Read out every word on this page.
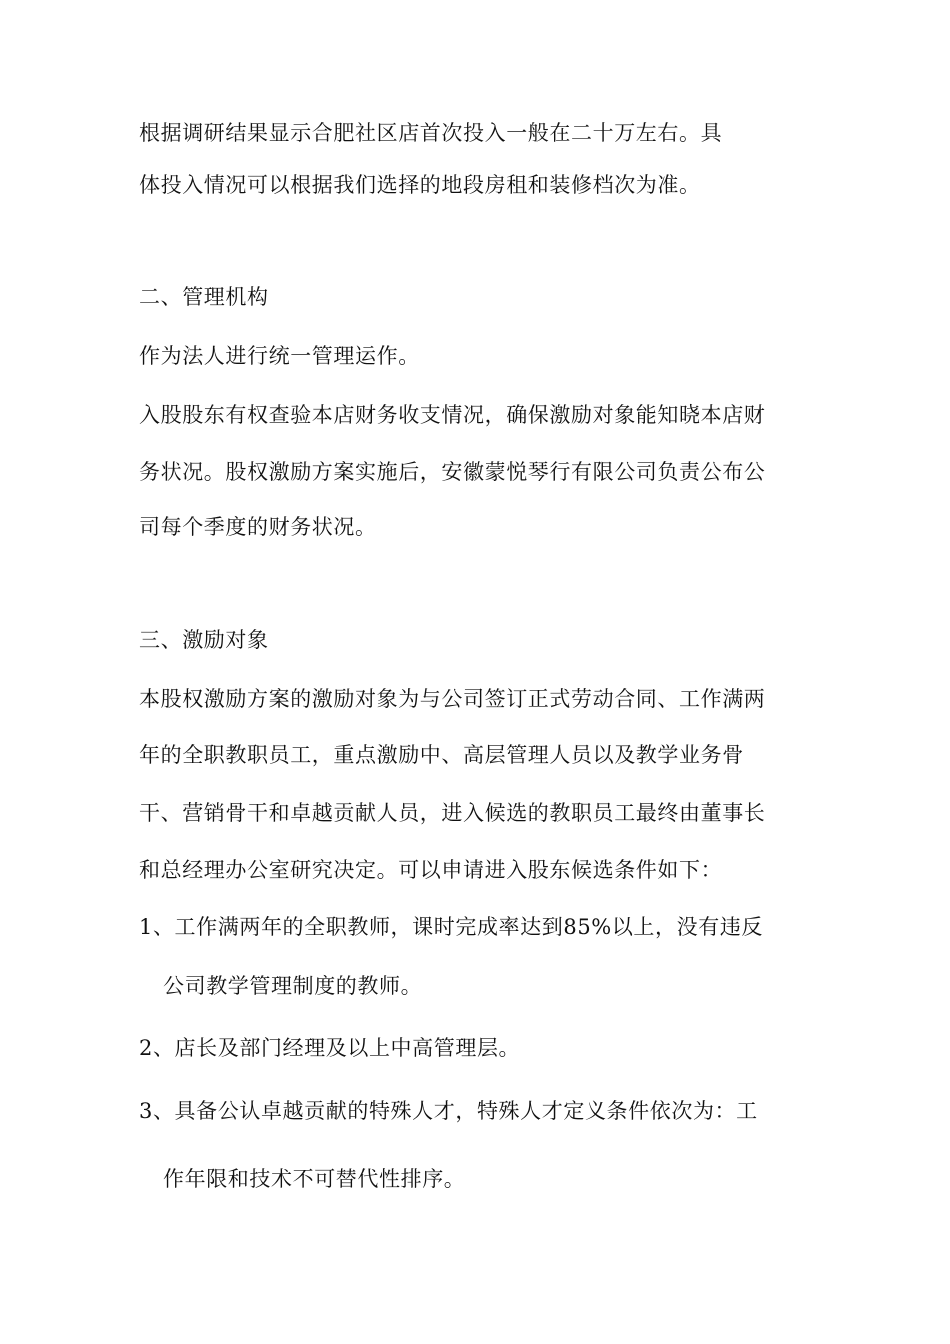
根据调研结果显示合肥社区店首次投入一般在二十万左右。具
体投入情况可以根据我们选择的地段房租和装修档次为准。
二、管理机构
作为法人进行统一管理运作。
入股股东有权查验本店财务收支情况，确保激励对象能知晓本店财
务状况。股权激励方案实施后，安徽蒙悦琴行有限公司负责公布公
司每个季度的财务状况。
三、激励对象
本股权激励方案的激励对象为与公司签订正式劳动合同、工作满两
年的全职教职员工，重点激励中、高层管理人员以及教学业务骨
干、营销骨干和卓越贡献人员，进入候选的教职员工最终由董事长
和总经理办公室研究决定。可以申请进入股东候选条件如下：
1、工作满两年的全职教师，课时完成率达到85%以上，没有违反
公司教学管理制度的教师。
2、店长及部门经理及以上中高管理层。
3、具备公认卓越贡献的特殊人才，特殊人才定义条件依次为：工
作年限和技术不可替代性排序。
